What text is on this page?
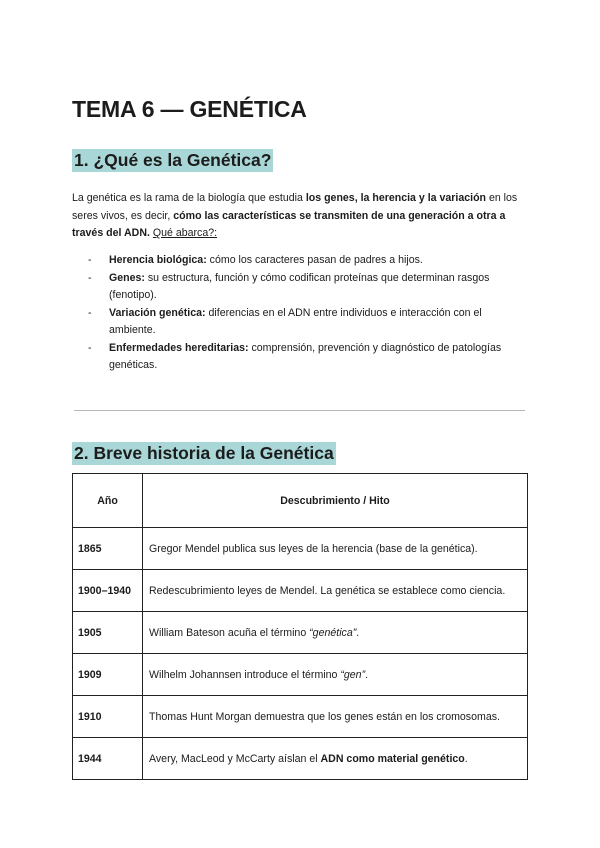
TEMA 6 — GENÉTICA
1. ¿Qué es la Genética?

La genética es la rama de la biología que estudia los genes, la herencia y la variación en los seres vivos, es decir, cómo las características se transmiten de una generación a otra a través del ADN. Qué abarca?:

- Herencia biológica: cómo los caracteres pasan de padres a hijos.
- Genes: su estructura, función y cómo codifican proteínas que determinan rasgos (fenotipo).
- Variación genética: diferencias en el ADN entre individuos e interacción con el ambiente.
- Enfermedades hereditarias: comprensión, prevención y diagnóstico de patologías genéticas.
2. Breve historia de la Genética
Año	Descubrimiento / Hito
1865	Gregor Mendel publica sus leyes de la herencia (base de la genética).
1900–1940	Redescubrimiento leyes de Mendel. La genética se establece como ciencia.
1905	William Bateson acuña el término “genética”.
1909	Wilhelm Johannsen introduce el término “gen”.
1910	Thomas Hunt Morgan demuestra que los genes están en los cromosomas.
1944	Avery, MacLeod y McCarty aíslan el ADN como material genético.
